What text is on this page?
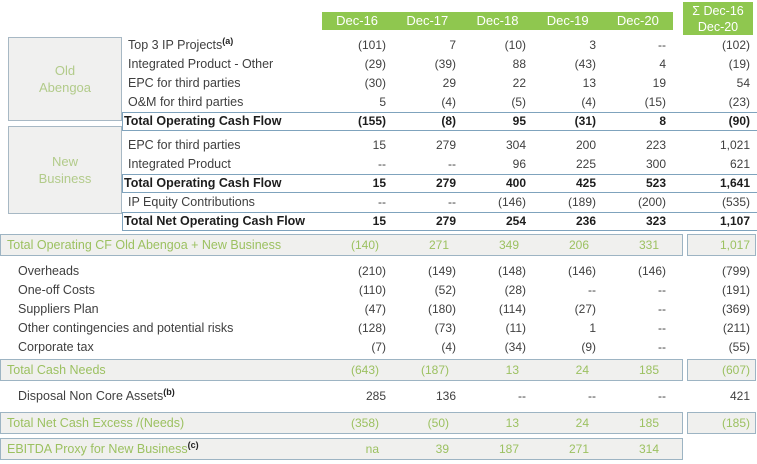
Dec-16	Dec-17	Dec-18	Dec-19	Dec-20
Σ Dec-16
Dec-20
Top 3 IP Projects$^{(a)}$	(101)	7	(10)	3	--	(102)
Integrated Product - Other	(29)	(39)	88	(43)	4	(19)
EPC for third parties	(30)	29	22	13	19	54
O&M for third parties	5	(4)	(5)	(4)	(15)	(23)
Total Operating Cash Flow	(155)	(8)	95	(31)	8	(90)
EPC for third parties	15	279	304	200	223	1,021
Integrated Product	--	--	96	225	300	621
Total Operating Cash Flow	15	279	400	425	523	1,641
IP Equity Contributions	--	--	(146)	(189)	(200)	(535)
Total Net Operating Cash Flow	15	279	254	236	323	1,107
Total Operating CF Old Abengoa + New Business	(140)	271	349	206	331	1,017
Overheads	(210)	(149)	(148)	(146)	(146)	(799)
One-off Costs	(110)	(52)	(28)	--	--	(191)
Suppliers Plan	(47)	(180)	(114)	(27)	--	(369)
Other contingencies and potential risks	(128)	(73)	(11)	1	--	(211)
Corporate tax	(7)	(4)	(34)	(9)	--	(55)
Total Cash Needs	(643)	(187)	13	24	185	(607)
Disposal Non Core Assets$^{(b)}$	285	136	--	--	--	421
Total Net Cash Excess /(Needs)	(358)	(50)	13	24	185	(185)
EBITDA Proxy for New Business$^{(c)}$	na	39	187	271	314
Old
Abengoa
New
Business
